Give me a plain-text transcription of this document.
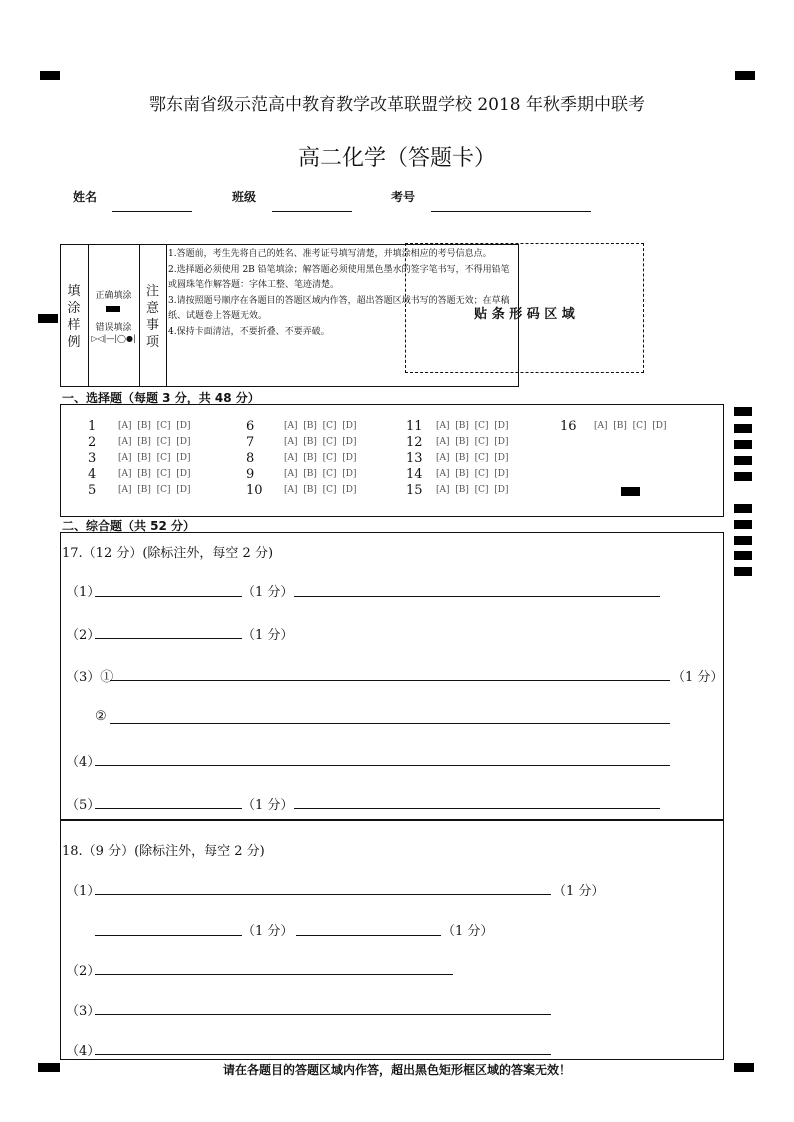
鄂东南省级示范高中教育教学改革联盟学校 2018 年秋季期中联考
高二化学（答题卡）
姓名	班级	考号
填
涂
样
例
正确填涂
错误填涂
▷◁|—|◯●|
注
意
事
项
1.答题前，考生先将自己的姓名、准考证号填写清楚，并填涂相应的考号信息点。
2.选择题必须使用 2B 铅笔填涂；解答题必须使用黑色墨水的签字笔书写，不得用铅笔或圆珠笔作解答题：字体工整、笔迹清楚。
3.请按照题号顺序在各题目的答题区域内作答，超出答题区域书写的答题无效；在草稿纸、试题卷上答题无效。
4.保持卡面清洁，不要折叠、不要弄破。
贴 条 形 码 区 域
一、选择题（每题 3 分，共 48 分）
1 [A]  [B]  [C]  [D]
2 [A]  [B]  [C]  [D]
3 [A]  [B]  [C]  [D]
4 [A]  [B]  [C]  [D]
5 [A]  [B]  [C]  [D]
6	[A]  [B]  [C]  [D]
7	[A]  [B]  [C]  [D]
8	[A]  [B]  [C]  [D]
9	[A]  [B]  [C]  [D]
10 [A]  [B]  [C]  [D]
11 [A]  [B]  [C]  [D]
12 [A]  [B]  [C]  [D]
13 [A]  [B]  [C]  [D]
14 [A]  [B]  [C]  [D]
15 [A]  [B]  [C]  [D]
16 [A]  [B]  [C]  [D]
二、综合题（共 52 分）
17.（12 分）(除标注外，每空 2 分)
（1）	（1 分）
（2）	（1 分）
（3）①	（1 分）
②
（4）
（5）	（1 分）
18.（9 分）(除标注外，每空 2 分)
（1）	（1 分）
（1 分）	（1 分）
（2）
（3）
（4）
请在各题目的答题区域内作答，超出黑色矩形框区域的答案无效！
